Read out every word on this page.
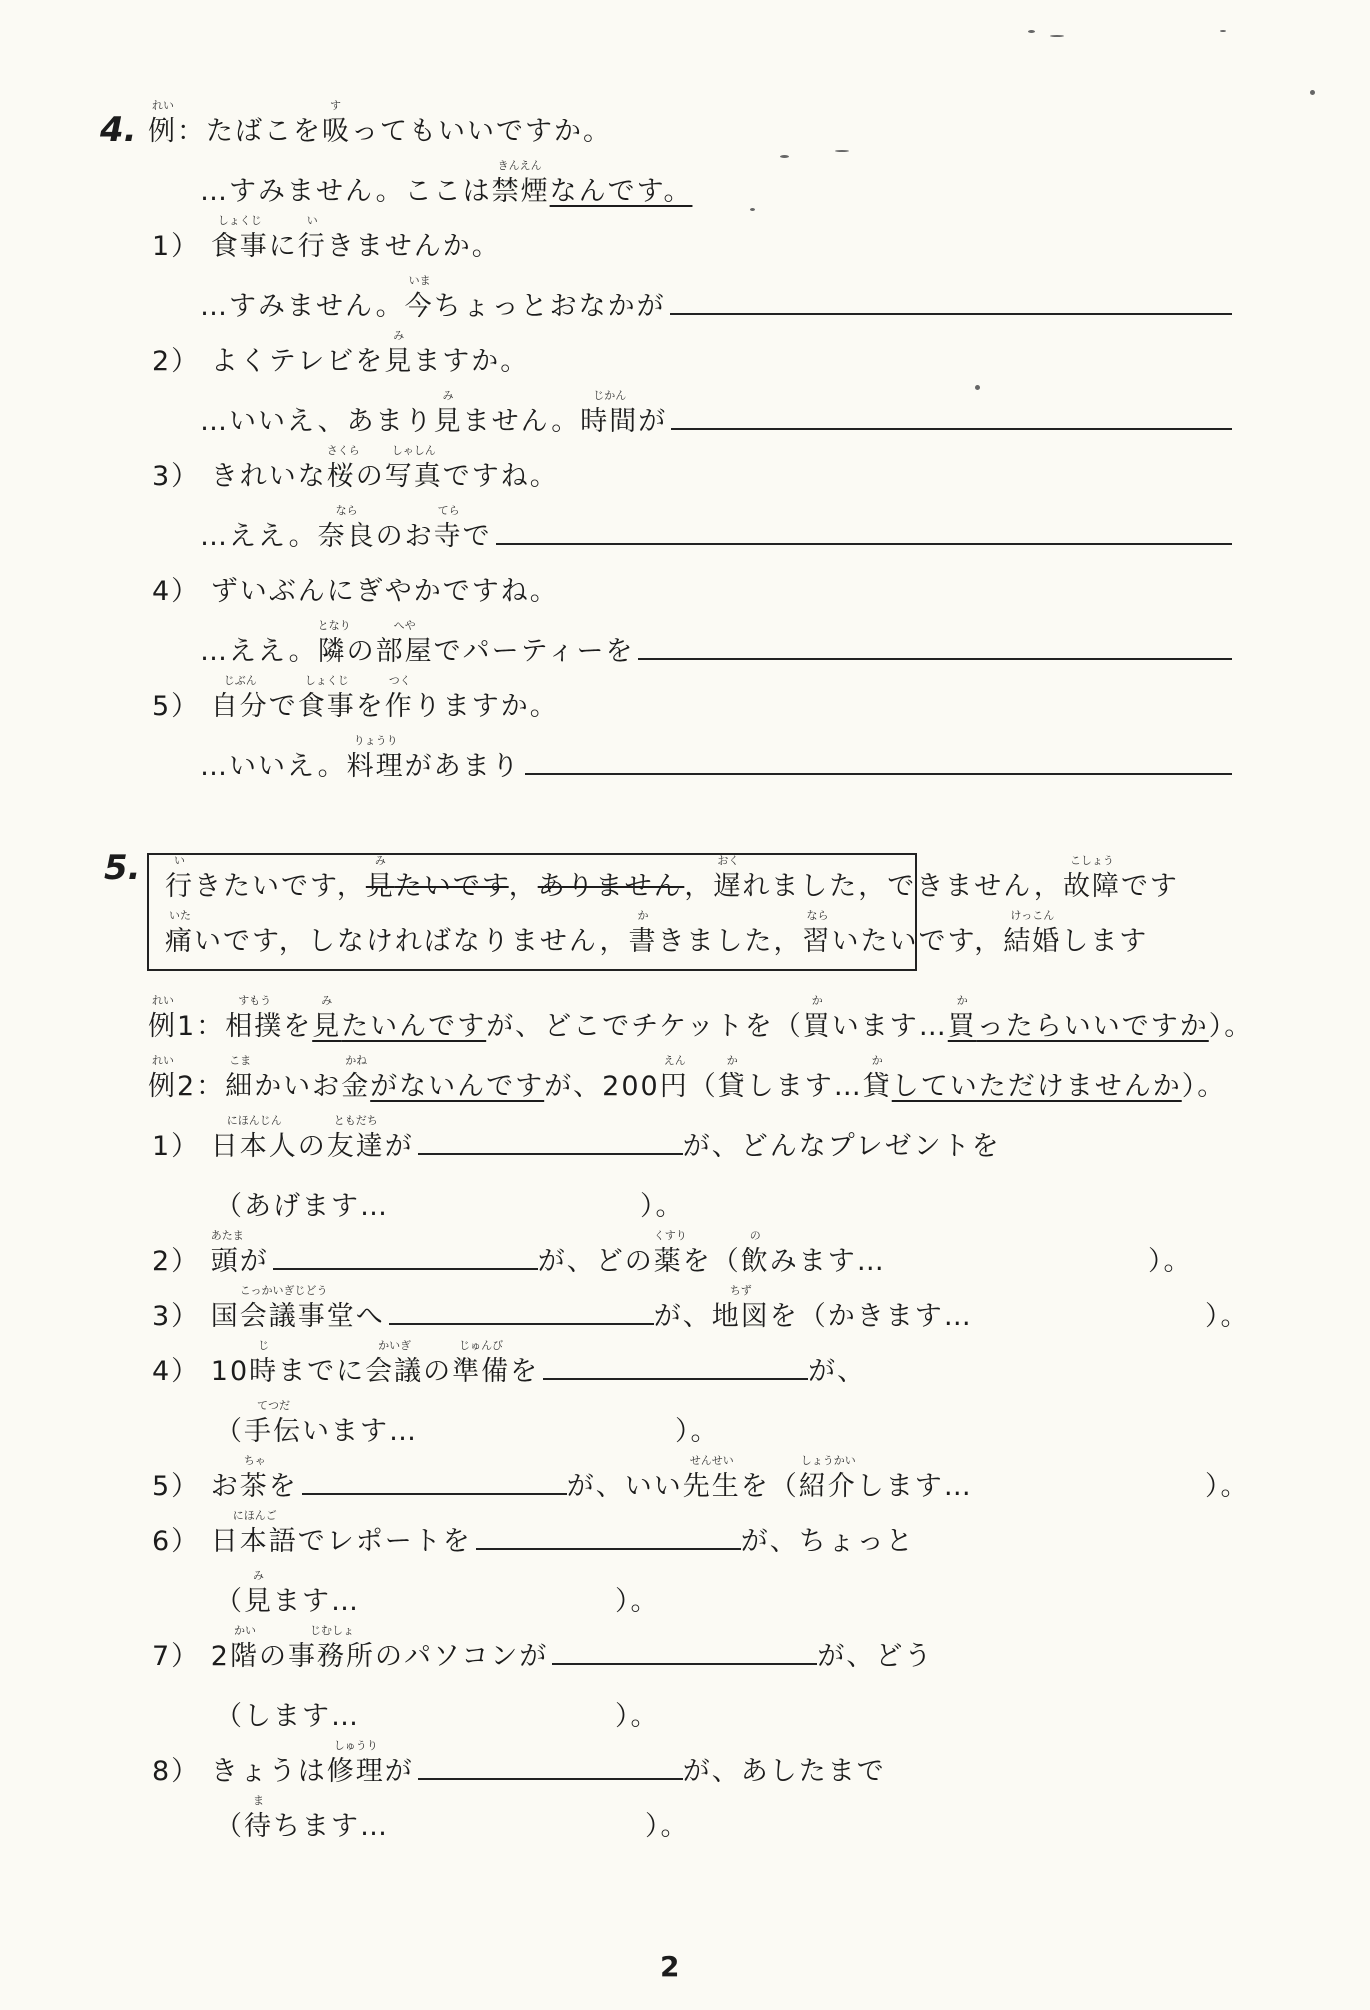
4.
れい
例：たばこを
す
吸ってもいいですか。
…すみません。ここは
きんえん
禁煙なんです。
1）
しょくじ
食事に
い
行きませんか。
…すみません。
いま
今ちょっとおなかが
2） よくテレビを
み
見ますか。
…いいえ、あまり
み
見ません。
じかん
時間が
3） きれいな
さくら
桜の
しゃしん
写真ですね。
…ええ。
なら
奈良のお
てら
寺で
4） ずいぶんにぎやかですね。
…ええ。
となり
隣の
へや
部屋でパーティーを
5）
じぶん
自分で
しょくじ
食事を
つく
作りますか。
…いいえ。
りょうり
料理があまり
5.	い
行きたいです，
み
見たいです，ありません，
おく
遅れました，できません，
こしょう
故障です
いた
痛いです，しなければなりません，
か
書きました，
なら
習いたいです，
けっこん
結婚します
れい
例1：
すもう
相撲を
み
見たいんですが、どこでチケットを（
か
買います…
か
買ったらいいですか）。
れい
例2：
こま
細かいお
かね
金がないんですが、200
えん
円（
か
貸します…
か
貸していただけませんか）。
1）
にほんじん
日本人の
ともだち
友達が	が、どんなプレゼントを
（あげます…	）。
2）
あたま
頭が	が、どの
くすり
薬を（
の
飲みます…	）。
3）
こっかいぎじどう
国会議事堂へ	が、
ちず
地図を（かきます…	）。
4） 10
じ
時までに
かいぎ
会議の
じゅんび
準備を	が、
（
てつだ
手伝います…	）。
5） お
ちゃ
茶を	が、いい
せんせい
先生を（
しょうかい
紹介します…	）。
6）
にほんご
日本語でレポートを	が、ちょっと
（
み
見ます…	）。
7） 2
かい
階の
じむしょ
事務所のパソコンが	が、どう
（します…	）。
8） きょうは
しゅうり
修理が	が、あしたまで
（
ま
待ちます…	）。
2
